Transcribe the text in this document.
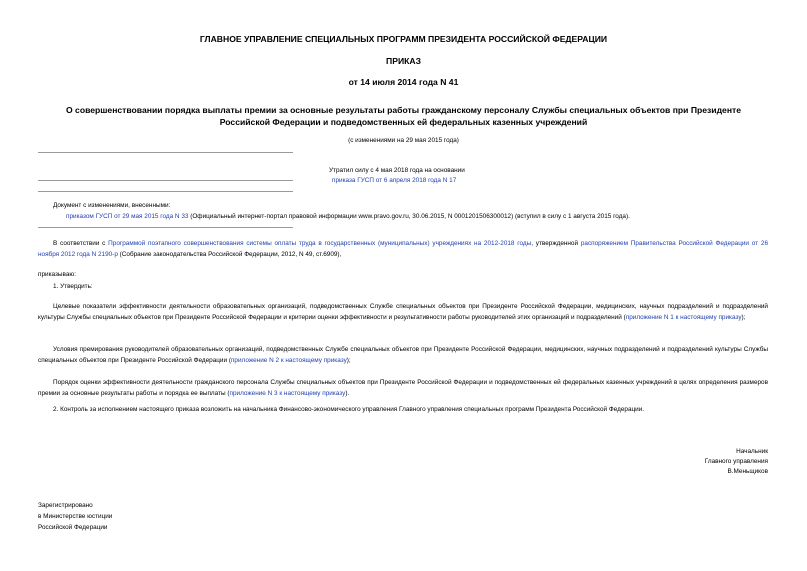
ГЛАВНОЕ УПРАВЛЕНИЕ СПЕЦИАЛЬНЫХ ПРОГРАММ ПРЕЗИДЕНТА РОССИЙСКОЙ ФЕДЕРАЦИИ
ПРИКАЗ
от 14 июля 2014 года N 41
О совершенствовании порядка выплаты премии за основные результаты работы гражданскому персоналу Службы специальных объектов при Президенте
Российской Федерации и подведомственных ей федеральных казенных учреждений
(с изменениями на 29 мая 2015 года)
Утратил силу с 4 мая 2018 года на основании
приказа ГУСП от 6 апреля 2018 года N 17
Документ с изменениями, внесенными:
приказом ГУСП от 29 мая 2015 года N 33 (Официальный интернет-портал правовой информации www.pravo.gov.ru, 30.06.2015, N 0001201506300012) (вступил в силу с 1 августа 2015 года).
В соответствии с Программой поэтапного совершенствования системы оплаты труда в государственных (муниципальных) учреждениях на 2012-2018 годы, утвержденной распоряжением Правительства Российской Федерации от 26 ноября 2012 года N 2190-р (Собрание законодательства Российской Федерации, 2012, N 49, ст.6909),
приказываю:
1. Утвердить:
Целевые показатели эффективности деятельности образовательных организаций, подведомственных Службе специальных объектов при Президенте Российской Федерации, медицинских, научных подразделений и подразделений культуры Службы специальных объектов при Президенте Российской Федерации и критерии оценки эффективности и результативности работы руководителей этих организаций и подразделений (приложение N 1 к настоящему приказу);
Условия премирования руководителей образовательных организаций, подведомственных Службе специальных объектов при Президенте Российской Федерации, медицинских, научных подразделений и подразделений культуры Службы специальных объектов при Президенте Российской Федерации (приложение N 2 к настоящему приказу);
Порядок оценки эффективности деятельности гражданского персонала Службы специальных объектов при Президенте Российской Федерации и подведомственных ей федеральных казенных учреждений в целях определения размеров премии за основные результаты работы и порядка ее выплаты (приложение N 3 к настоящему приказу).
2. Контроль за исполнением настоящего приказа возложить на начальника Финансово-экономического управления Главного управления специальных программ Президента Российской Федерации.
Начальник
Главного управления
В.Меньщиков
Зарегистрировано
в Министерстве юстиции
Российской Федерации
